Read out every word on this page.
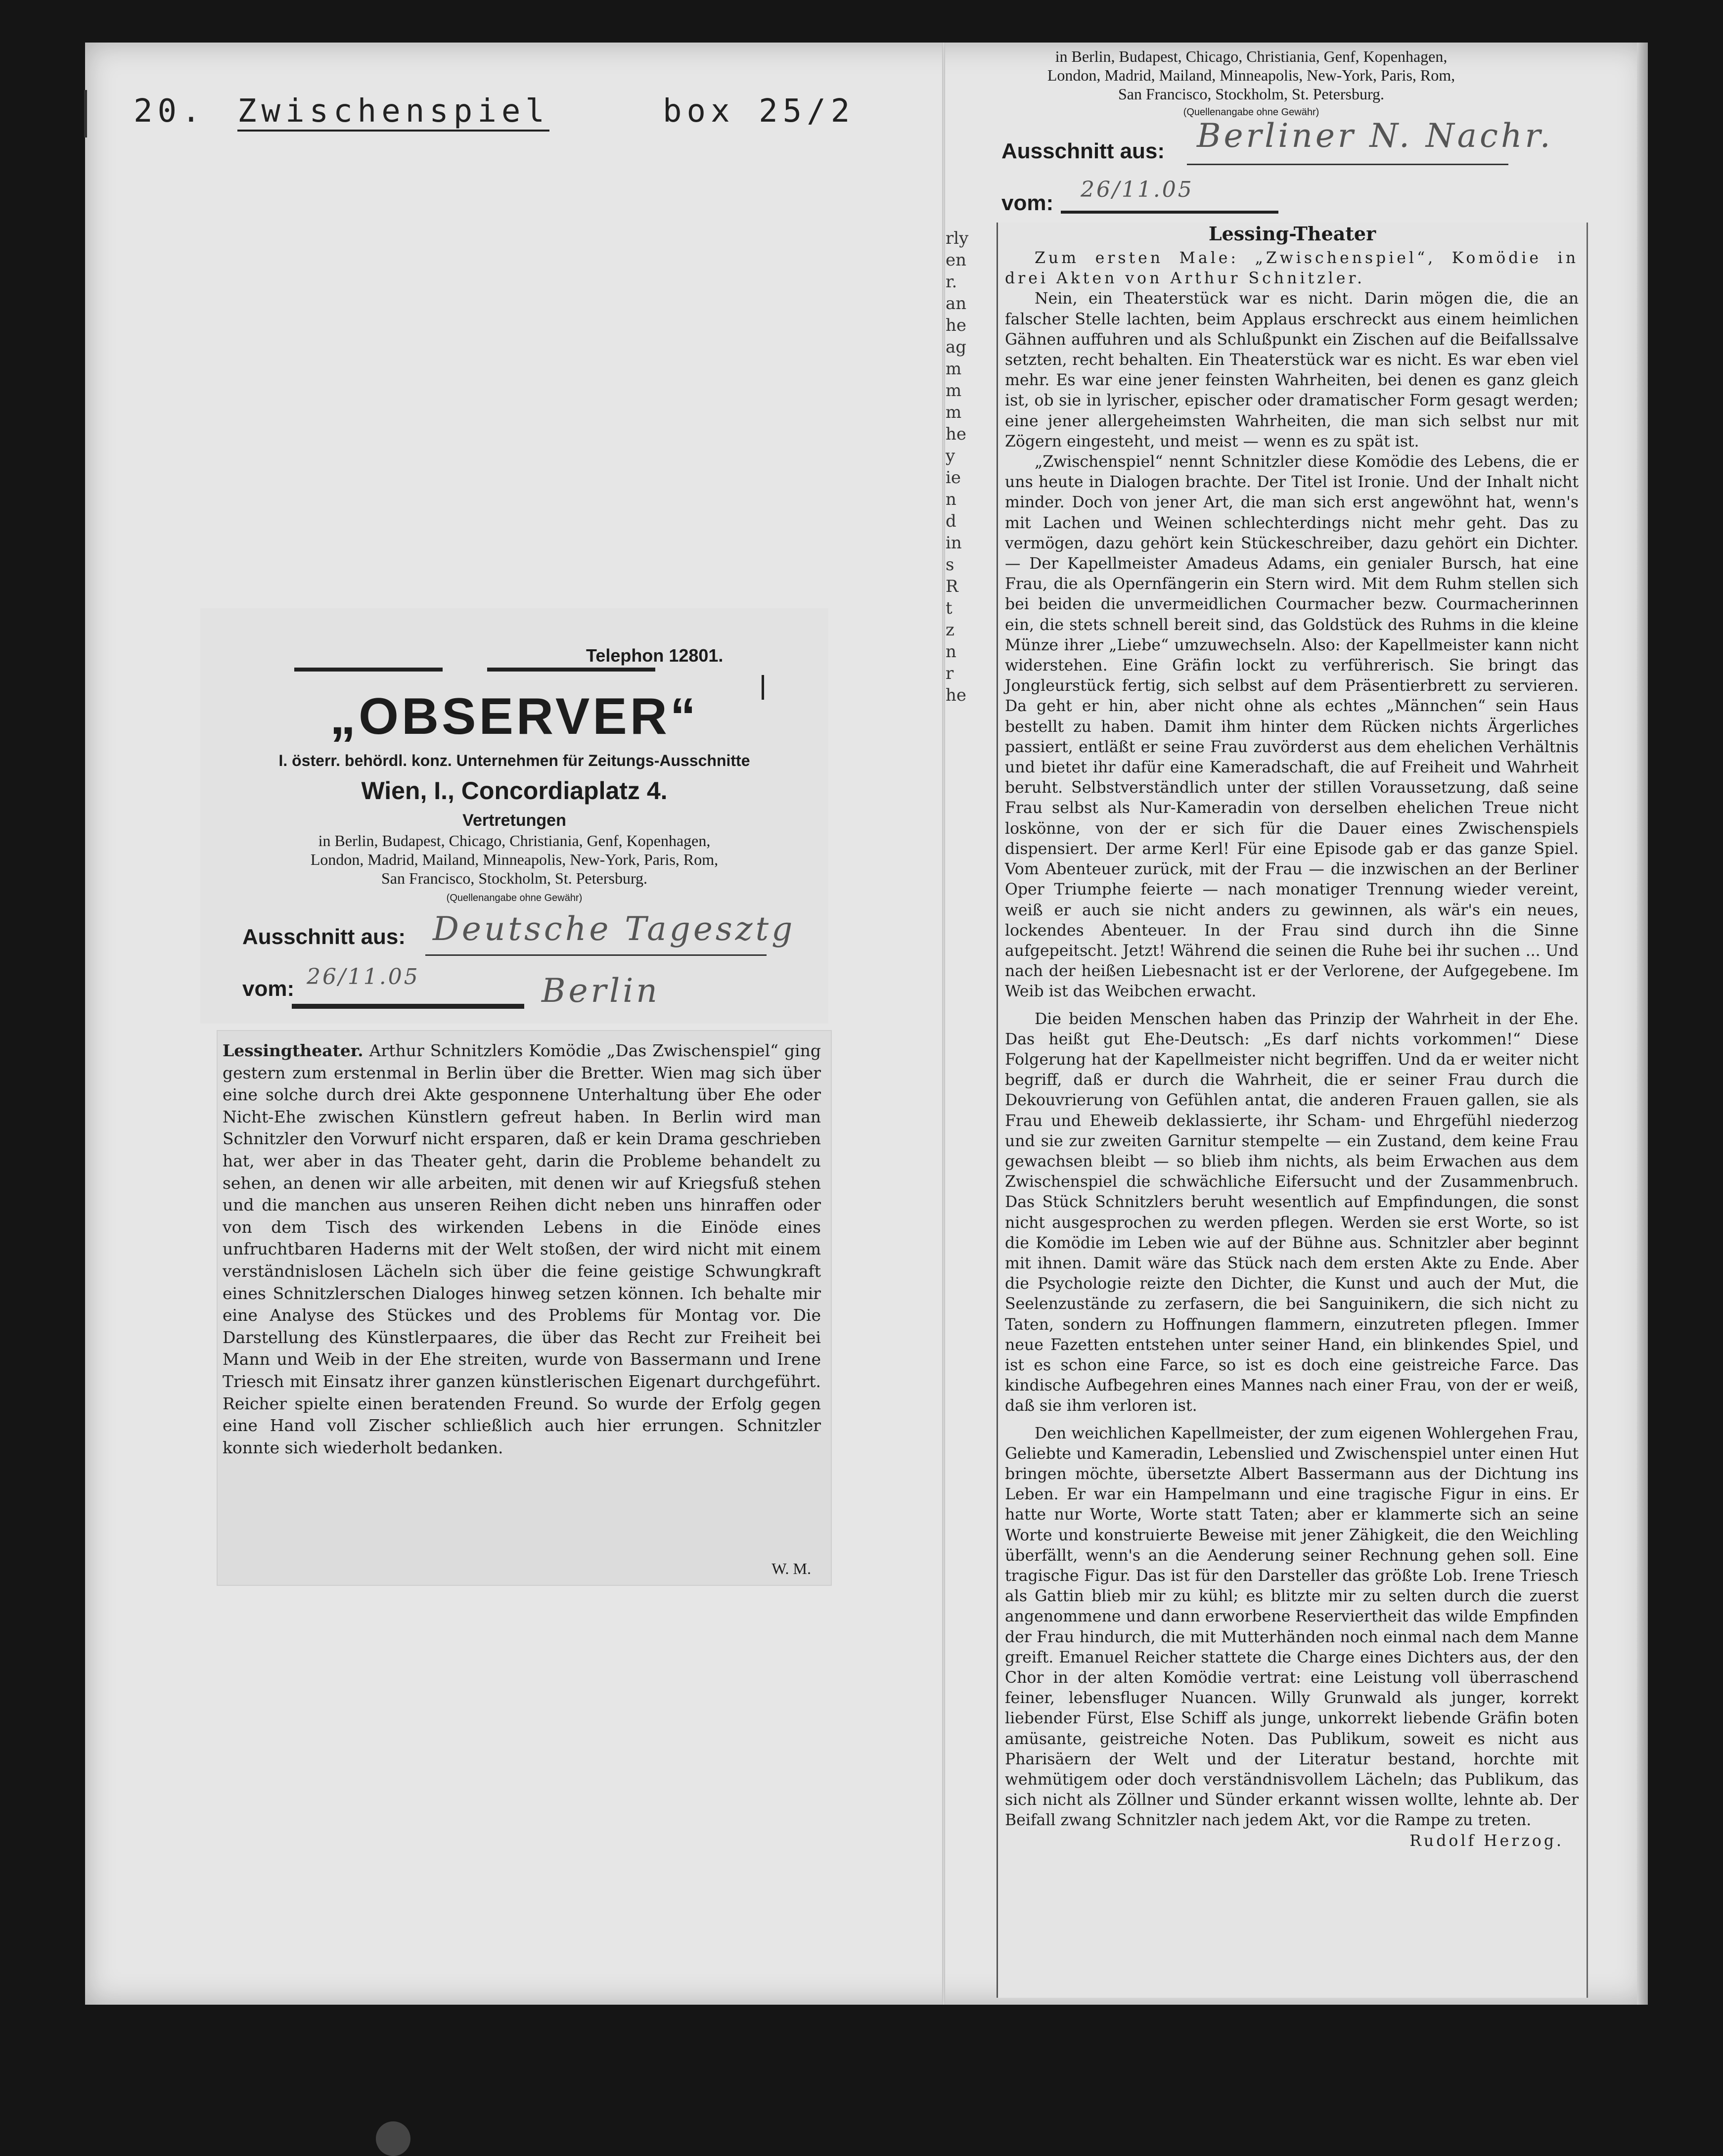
20. Zwischenspiel	box 25/2
Telephon 12801.
„OBSERVER“
I. österr. behördl. konz. Unternehmen für Zeitungs-Ausschnitte
Wien, I., Concordiaplatz 4.
Vertretungen
in Berlin, Budapest, Chicago, Christiania, Genf, Kopenhagen,
London, Madrid, Mailand, Minneapolis, New-York, Paris, Rom,
San Francisco, Stockholm, St. Petersburg.
(Quellenangabe ohne Gewähr)
Ausschnitt aus: Deutsche Tagesztg
vom: 26/11.05	Berlin

Lessingtheater. Arthur Schnitzlers Komödie „Das Zwischenspiel“ ging gestern zum erstenmal in Berlin über die Bretter. Wien mag sich über eine solche durch drei Akte gesponnene Unterhaltung über Ehe oder Nicht-Ehe zwischen Künstlern gefreut haben. In Berlin wird man Schnitzler den Vorwurf nicht ersparen, daß er kein Drama geschrieben hat, wer aber in das Theater geht, darin die Probleme behandelt zu sehen, an denen wir alle arbeiten, mit denen wir auf Kriegsfuß stehen und die manchen aus unseren Reihen dicht neben uns hinraffen oder von dem Tisch des wirkenden Lebens in die Einöde eines unfruchtbaren Haderns mit der Welt stoßen, der wird nicht mit einem verständnislosen Lächeln sich über die feine geistige Schwungkraft eines Schnitzlerschen Dialoges hinweg setzen können. Ich behalte mir eine Analyse des Stückes und des Problems für Montag vor. Die Darstellung des Künstlerpaares, die über das Recht zur Freiheit bei Mann und Weib in der Ehe streiten, wurde von Bassermann und Irene Triesch mit Einsatz ihrer ganzen künstlerischen Eigenart durchgeführt. Reicher spielte einen beratenden Freund. So wurde der Erfolg gegen eine Hand voll Zischer schließlich auch hier errungen. Schnitzler konnte sich wiederholt bedanken.

W. M.
in Berlin, Budapest, Chicago, Christiania, Genf, Kopenhagen,
London, Madrid, Mailand, Minneapolis, New-York, Paris, Rom,
San Francisco, Stockholm, St. Petersburg.
(Quellenangabe ohne Gewähr)
Ausschnitt aus: Berliner N. Nachr.
vom:
26/11.05
rly
en
r.
an
he
ag
m
m
m
he
y
ie
n
d
in
s
R
t
z
n
r
he
Lessing-Theater

Zum ersten Male: „Zwischenspiel“, Komödie in drei Akten von Arthur Schnitzler.

Nein, ein Theaterstück war es nicht. Darin mögen die, die an falscher Stelle lachten, beim Applaus erschreckt aus einem heimlichen Gähnen auffuhren und als Schlußpunkt ein Zischen auf die Beifallssalve setzten, recht behalten. Ein Theaterstück war es nicht. Es war eben viel mehr. Es war eine jener feinsten Wahrheiten, bei denen es ganz gleich ist, ob sie in lyrischer, epischer oder dramatischer Form gesagt werden; eine jener allergeheimsten Wahrheiten, die man sich selbst nur mit Zögern eingesteht, und meist — wenn es zu spät ist.

„Zwischenspiel“ nennt Schnitzler diese Komödie des Lebens, die er uns heute in Dialogen brachte. Der Titel ist Ironie. Und der Inhalt nicht minder. Doch von jener Art, die man sich erst angewöhnt hat, wenn's mit Lachen und Weinen schlechterdings nicht mehr geht. Das zu vermögen, dazu gehört kein Stückeschreiber, dazu gehört ein Dichter. — Der Kapellmeister Amadeus Adams, ein genialer Bursch, hat eine Frau, die als Opernfängerin ein Stern wird. Mit dem Ruhm stellen sich bei beiden die unvermeidlichen Courmacher bezw. Courmacherinnen ein, die stets schnell bereit sind, das Goldstück des Ruhms in die kleine Münze ihrer „Liebe“ umzuwechseln. Also: der Kapellmeister kann nicht widerstehen. Eine Gräfin lockt zu verführerisch. Sie bringt das Jongleurstück fertig, sich selbst auf dem Präsentierbrett zu servieren. Da geht er hin, aber nicht ohne als echtes „Männchen“ sein Haus bestellt zu haben. Damit ihm hinter dem Rücken nichts Ärgerliches passiert, entläßt er seine Frau zuvörderst aus dem ehelichen Verhältnis und bietet ihr dafür eine Kameradschaft, die auf Freiheit und Wahrheit beruht. Selbstverständlich unter der stillen Voraussetzung, daß seine Frau selbst als Nur-Kameradin von derselben ehelichen Treue nicht loskönne, von der er sich für die Dauer eines Zwischenspiels dispensiert. Der arme Kerl! Für eine Episode gab er das ganze Spiel. Vom Abenteuer zurück, mit der Frau — die inzwischen an der Berliner Oper Triumphe feierte — nach monatiger Trennung wieder vereint, weiß er auch sie nicht anders zu gewinnen, als wär's ein neues, lockendes Abenteuer. In der Frau sind durch ihn die Sinne aufgepeitscht. Jetzt! Während die seinen die Ruhe bei ihr suchen ... Und nach der heißen Liebesnacht ist er der Verlorene, der Aufgegebene. Im Weib ist das Weibchen erwacht.

Die beiden Menschen haben das Prinzip der Wahrheit in der Ehe. Das heißt gut Ehe-Deutsch: „Es darf nichts vorkommen!“ Diese Folgerung hat der Kapellmeister nicht begriffen. Und da er weiter nicht begriff, daß er durch die Wahrheit, die er seiner Frau durch die Dekouvrierung von Gefühlen antat, die anderen Frauen gallen, sie als Frau und Eheweib deklassierte, ihr Scham- und Ehrgefühl niederzog und sie zur zweiten Garnitur stempelte — ein Zustand, dem keine Frau gewachsen bleibt — so blieb ihm nichts, als beim Erwachen aus dem Zwischenspiel die schwächliche Eifersucht und der Zusammenbruch. Das Stück Schnitzlers beruht wesentlich auf Empfindungen, die sonst nicht ausgesprochen zu werden pflegen. Werden sie erst Worte, so ist die Komödie im Leben wie auf der Bühne aus. Schnitzler aber beginnt mit ihnen. Damit wäre das Stück nach dem ersten Akte zu Ende. Aber die Psychologie reizte den Dichter, die Kunst und auch der Mut, die Seelenzustände zu zerfasern, die bei Sanguinikern, die sich nicht zu Taten, sondern zu Hoffnungen flammern, einzutreten pflegen. Immer neue Fazetten entstehen unter seiner Hand, ein blinkendes Spiel, und ist es schon eine Farce, so ist es doch eine geistreiche Farce. Das kindische Aufbegehren eines Mannes nach einer Frau, von der er weiß, daß sie ihm verloren ist.

Den weichlichen Kapellmeister, der zum eigenen Wohlergehen Frau, Geliebte und Kameradin, Lebenslied und Zwischenspiel unter einen Hut bringen möchte, übersetzte Albert Bassermann aus der Dichtung ins Leben. Er war ein Hampelmann und eine tragische Figur in eins. Er hatte nur Worte, Worte statt Taten; aber er klammerte sich an seine Worte und konstruierte Beweise mit jener Zähigkeit, die den Weichling überfällt, wenn's an die Aenderung seiner Rechnung gehen soll. Eine tragische Figur. Das ist für den Darsteller das größte Lob. Irene Triesch als Gattin blieb mir zu kühl; es blitzte mir zu selten durch die zuerst angenommene und dann erworbene Reserviertheit das wilde Empfinden der Frau hindurch, die mit Mutterhänden noch einmal nach dem Manne greift. Emanuel Reicher stattete die Charge eines Dichters aus, der den Chor in der alten Komödie vertrat: eine Leistung voll überraschend feiner, lebensfluger Nuancen. Willy Grunwald als junger, korrekt liebender Fürst, Else Schiff als junge, unkorrekt liebende Gräfin boten amüsante, geistreiche Noten. Das Publikum, soweit es nicht aus Pharisäern der Welt und der Literatur bestand, horchte mit wehmütigem oder doch verständnisvollem Lächeln; das Publikum, das sich nicht als Zöllner und Sünder erkannt wissen wollte, lehnte ab. Der Beifall zwang Schnitzler nach jedem Akt, vor die Rampe zu treten.

Rudolf Herzog.
